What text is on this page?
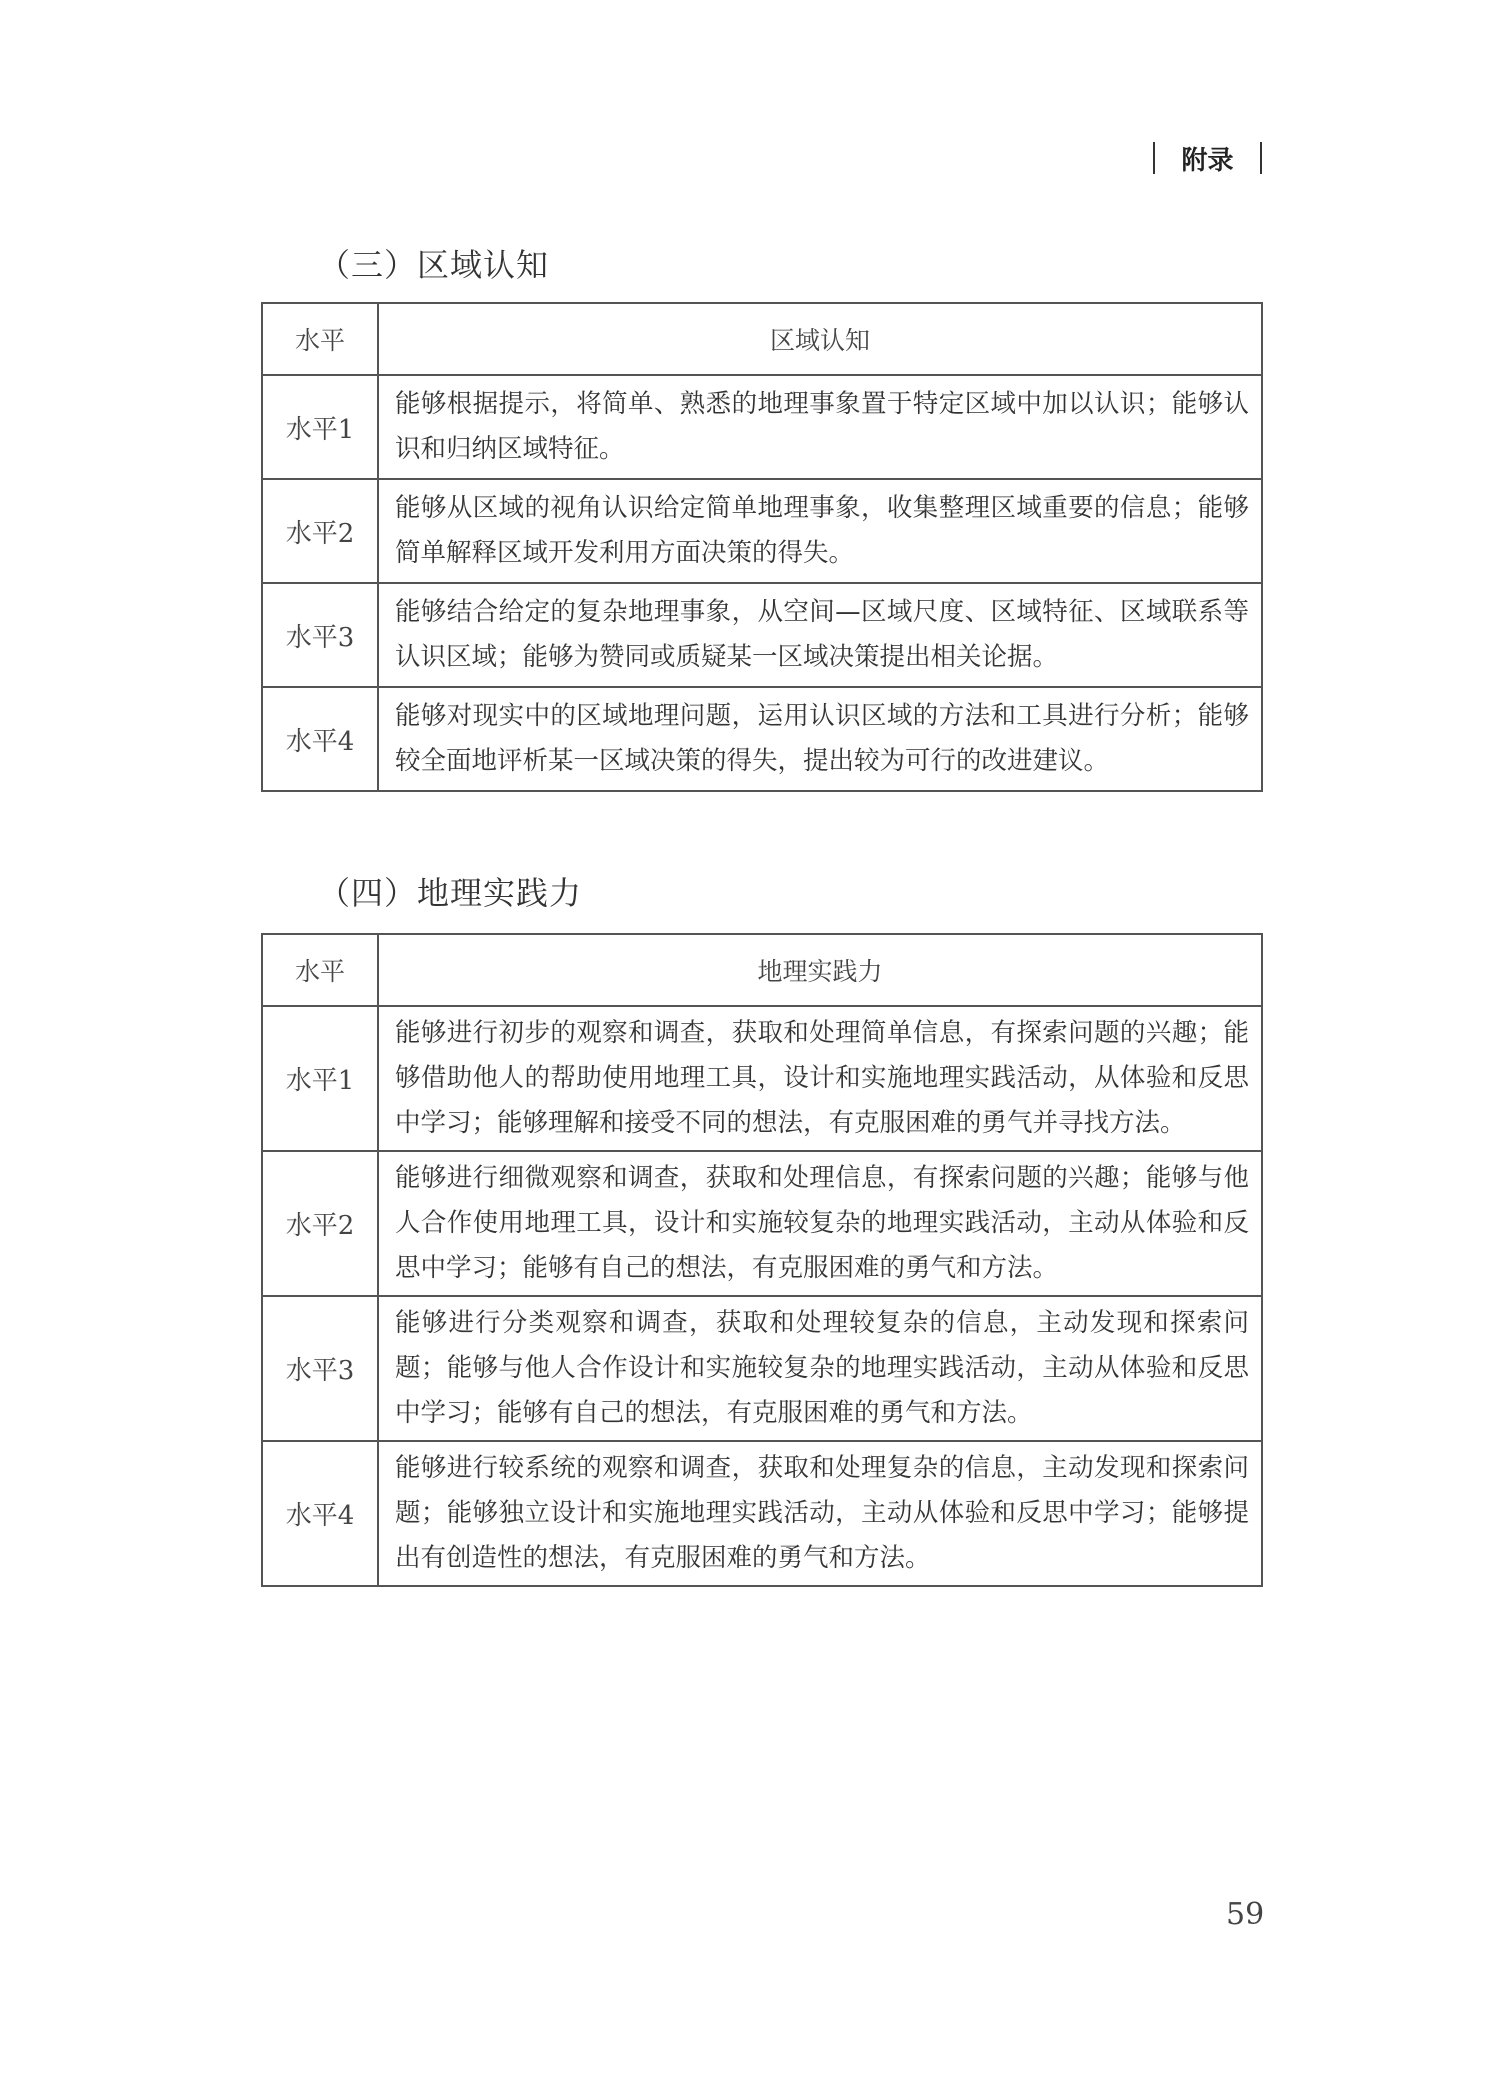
附录
（三）区域认知
水平	区域认知
水平1	能够根据提示，将简单、熟悉的地理事象置于特定区域中加以认识；能够认识和归纳区域特征。
水平2	能够从区域的视角认识给定简单地理事象，收集整理区域重要的信息；能够简单解释区域开发利用方面决策的得失。
水平3	能够结合给定的复杂地理事象，从空间—区域尺度、区域特征、区域联系等认识区域；能够为赞同或质疑某一区域决策提出相关论据。
水平4	能够对现实中的区域地理问题，运用认识区域的方法和工具进行分析；能够较全面地评析某一区域决策的得失，提出较为可行的改进建议。
（四）地理实践力
水平	地理实践力
水平1	能够进行初步的观察和调查，获取和处理简单信息，有探索问题的兴趣；能够借助他人的帮助使用地理工具，设计和实施地理实践活动，从体验和反思中学习；能够理解和接受不同的想法，有克服困难的勇气并寻找方法。
水平2	能够进行细微观察和调查，获取和处理信息，有探索问题的兴趣；能够与他人合作使用地理工具，设计和实施较复杂的地理实践活动，主动从体验和反思中学习；能够有自己的想法，有克服困难的勇气和方法。
水平3	能够进行分类观察和调查，获取和处理较复杂的信息，主动发现和探索问题；能够与他人合作设计和实施较复杂的地理实践活动，主动从体验和反思中学习；能够有自己的想法，有克服困难的勇气和方法。
水平4	能够进行较系统的观察和调查，获取和处理复杂的信息，主动发现和探索问题；能够独立设计和实施地理实践活动，主动从体验和反思中学习；能够提出有创造性的想法，有克服困难的勇气和方法。
59
